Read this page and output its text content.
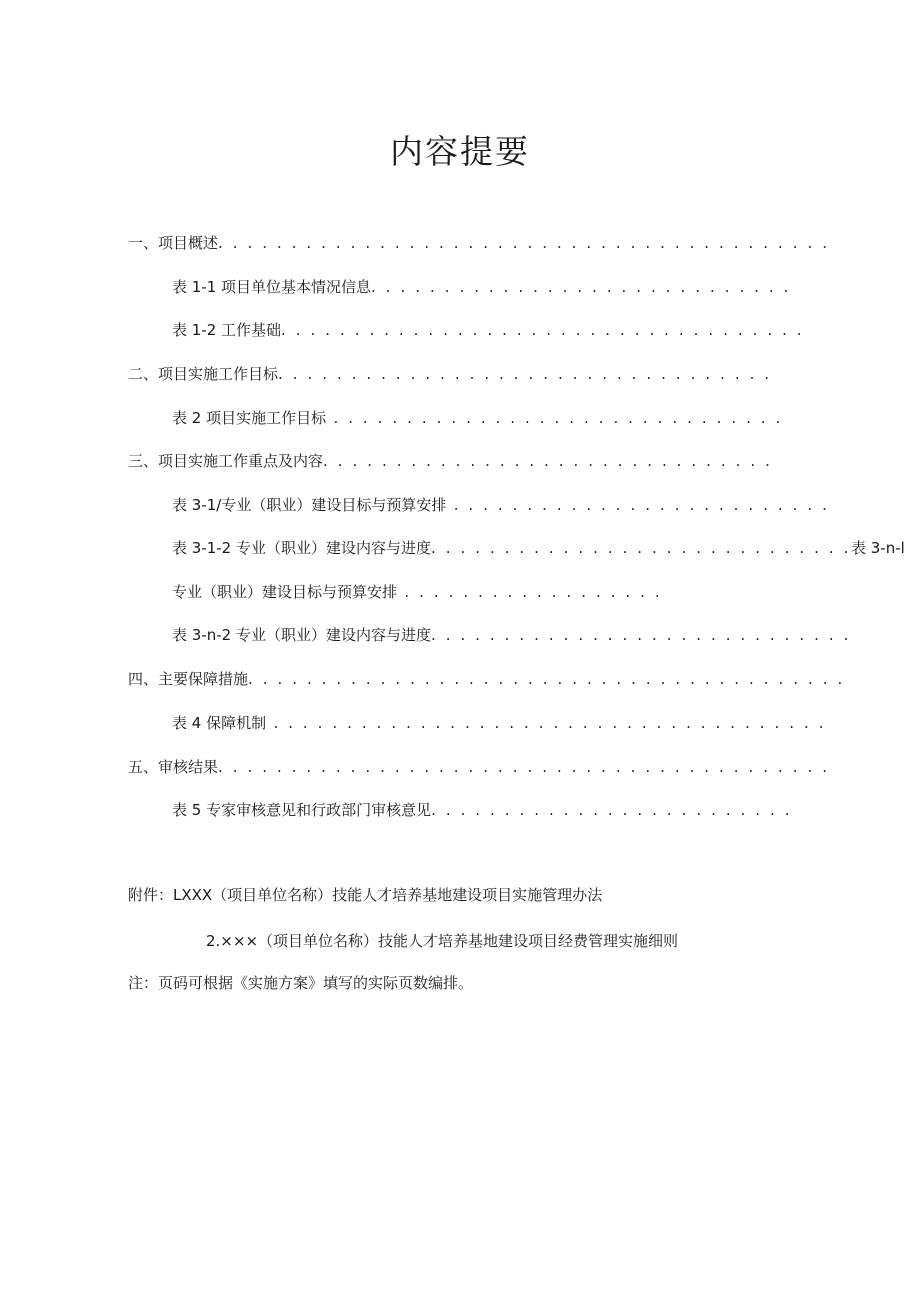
内容提要
一、项目概述. . . . . . . . . . . . . . . . . . . . . . . . . . . . . . . . . . . . . . . . . .
表 1-1 项目单位基本情况信息. . . . . . . . . . . . . . . . . . . . . . . . . . . . .
表 1-2 工作基础. . . . . . . . . . . . . . . . . . . . . . . . . . . . . . . . . . . .
二、项目实施工作目标. . . . . . . . . . . . . . . . . . . . . . . . . . . . . . . . . .
表 2 项目实施工作目标 . . . . . . . . . . . . . . . . . . . . . . . . . . . . . . .
三、项目实施工作重点及内容. . . . . . . . . . . . . . . . . . . . . . . . . . . . . . .
表 3-1/专业（职业）建设目标与预算安排 . . . . . . . . . . . . . . . . . . . . . . . . . .
表 3-1-2 专业（职业）建设内容与进度. . . . . . . . . . . . . . . . . . . . . . . . . . . . .表 3-n-l
专业（职业）建设目标与预算安排 . . . . . . . . . . . . . . . . . .
表 3-n-2 专业（职业）建设内容与进度. . . . . . . . . . . . . . . . . . . . . . . . . . . . .
四、主要保障措施. . . . . . . . . . . . . . . . . . . . . . . . . . . . . . . . . . . . . . . . .
表 4 保障机制 . . . . . . . . . . . . . . . . . . . . . . . . . . . . . . . . . . . . . .
五、审核结果. . . . . . . . . . . . . . . . . . . . . . . . . . . . . . . . . . . . . . . . . .
表 5 专家审核意见和行政部门审核意见. . . . . . . . . . . . . . . . . . . . . . . . .
附件：LXXX（项目单位名称）技能人才培养基地建设项目实施管理办法
2.×××（项目单位名称）技能人才培养基地建设项目经费管理实施细则
注：页码可根据《实施方案》填写的实际页数编排。
